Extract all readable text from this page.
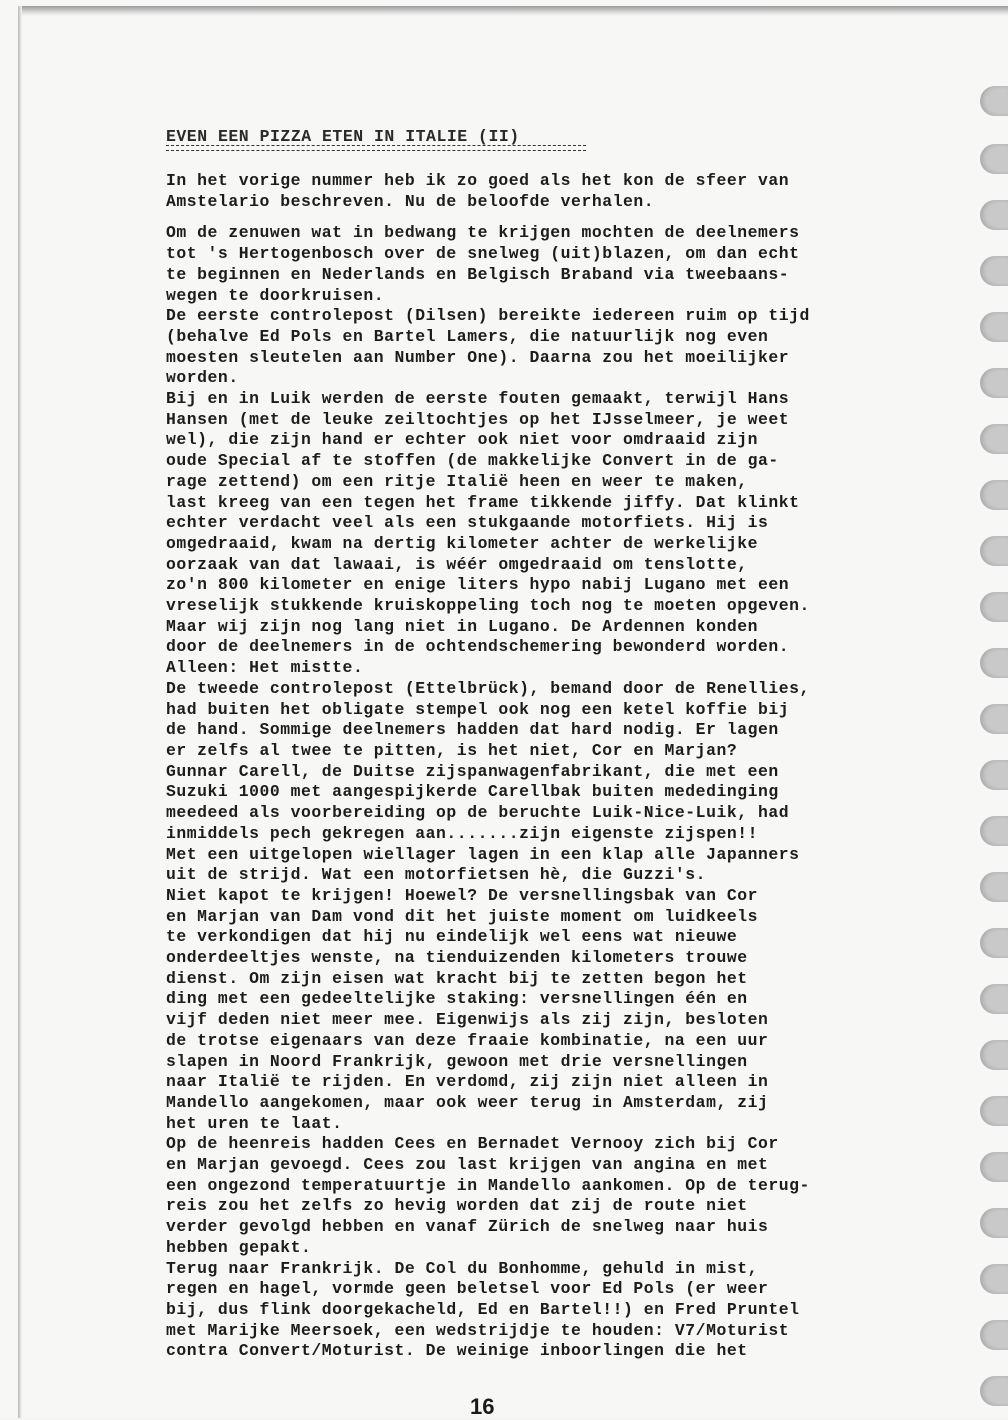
EVEN EEN PIZZA ETEN IN ITALIE (II)
In het vorige nummer heb ik zo goed als het kon de sfeer van
Amstelario beschreven. Nu de beloofde verhalen.
Om de zenuwen wat in bedwang te krijgen mochten de deelnemers
tot 's Hertogenbosch over de snelweg (uit)blazen, om dan echt
te beginnen en Nederlands en Belgisch Braband via tweebaans-
wegen te doorkruisen.
De eerste controlepost (Dilsen) bereikte iedereen ruim op tijd
(behalve Ed Pols en Bartel Lamers, die natuurlijk nog even
moesten sleutelen aan Number One). Daarna zou het moeilijker
worden.
Bij en in Luik werden de eerste fouten gemaakt, terwijl Hans
Hansen (met de leuke zeiltochtjes op het IJsselmeer, je weet
wel), die zijn hand er echter ook niet voor omdraaid zijn
oude Special af te stoffen (de makkelijke Convert in de ga-
rage zettend) om een ritje Italië heen en weer te maken,
last kreeg van een tegen het frame tikkende jiffy. Dat klinkt
echter verdacht veel als een stukgaande motorfiets. Hij is
omgedraaid, kwam na dertig kilometer achter de werkelijke
oorzaak van dat lawaai, is wéér omgedraaid om tenslotte,
zo'n 800 kilometer en enige liters hypo nabij Lugano met een
vreselijk stukkende kruiskoppeling toch nog te moeten opgeven.
Maar wij zijn nog lang niet in Lugano. De Ardennen konden
door de deelnemers in de ochtendschemering bewonderd worden.
Alleen: Het mistte.
De tweede controlepost (Ettelbrück), bemand door de Renellies,
had buiten het obligate stempel ook nog een ketel koffie bij
de hand. Sommige deelnemers hadden dat hard nodig. Er lagen
er zelfs al twee te pitten, is het niet, Cor en Marjan?
Gunnar Carell, de Duitse zijspanwagenfabrikant, die met een
Suzuki 1000 met aangespijkerde Carellbak buiten mededinging
meedeed als voorbereiding op de beruchte Luik-Nice-Luik, had
inmiddels pech gekregen aan.......zijn eigenste zijspen!!
Met een uitgelopen wiellager lagen in een klap alle Japanners
uit de strijd. Wat een motorfietsen hè, die Guzzi's.
Niet kapot te krijgen! Hoewel? De versnellingsbak van Cor
en Marjan van Dam vond dit het juiste moment om luidkeels
te verkondigen dat hij nu eindelijk wel eens wat nieuwe
onderdeeltjes wenste, na tienduizenden kilometers trouwe
dienst. Om zijn eisen wat kracht bij te zetten begon het
ding met een gedeeltelijke staking: versnellingen één en
vijf deden niet meer mee. Eigenwijs als zij zijn, besloten
de trotse eigenaars van deze fraaie kombinatie, na een uur
slapen in Noord Frankrijk, gewoon met drie versnellingen
naar Italië te rijden. En verdomd, zij zijn niet alleen in
Mandello aangekomen, maar ook weer terug in Amsterdam, zij
het uren te laat.
Op de heenreis hadden Cees en Bernadet Vernooy zich bij Cor
en Marjan gevoegd. Cees zou last krijgen van angina en met
een ongezond temperatuurtje in Mandello aankomen. Op de terug-
reis zou het zelfs zo hevig worden dat zij de route niet
verder gevolgd hebben en vanaf Zürich de snelweg naar huis
hebben gepakt.
Terug naar Frankrijk. De Col du Bonhomme, gehuld in mist,
regen en hagel, vormde geen beletsel voor Ed Pols (er weer
bij, dus flink doorgekacheld, Ed en Bartel!!) en Fred Pruntel
met Marijke Meersoek, een wedstrijdje te houden: V7/Moturist
contra Convert/Moturist. De weinige inboorlingen die het
16
